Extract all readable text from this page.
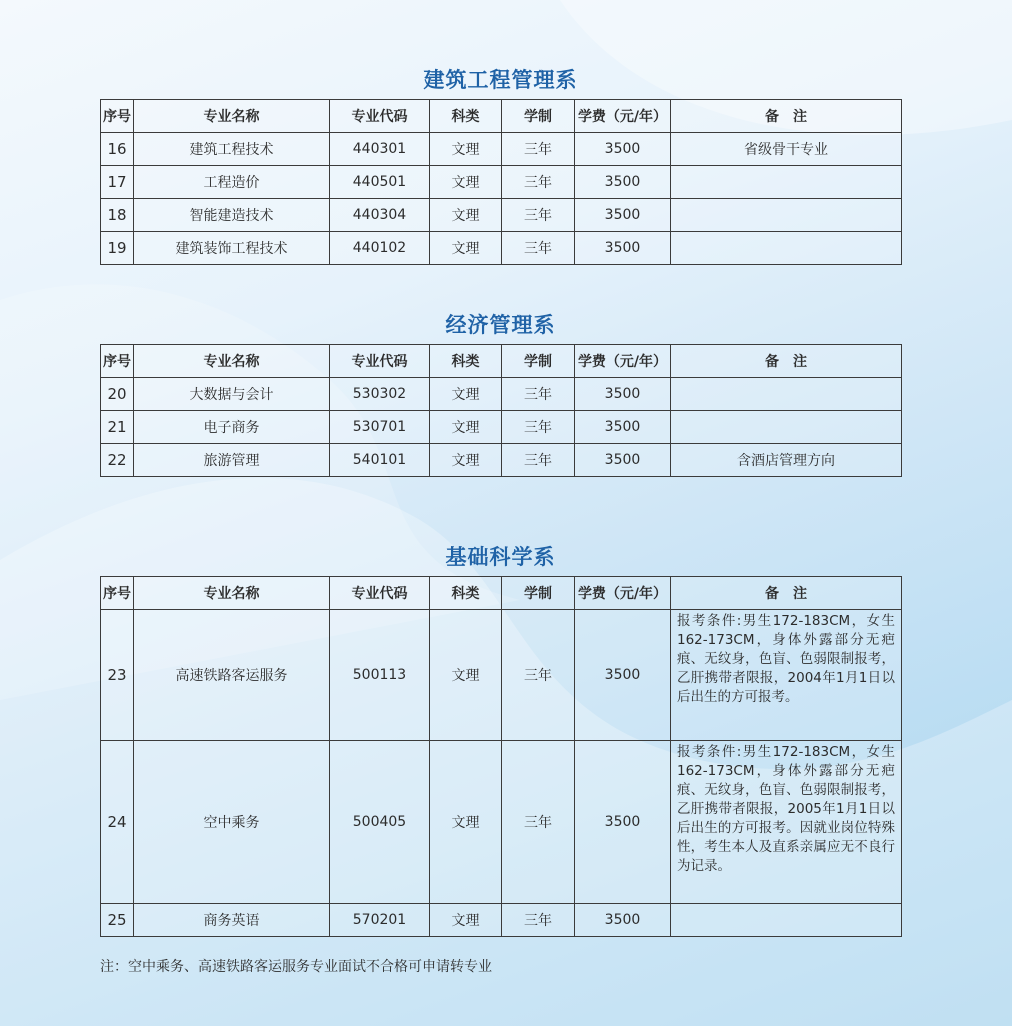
建筑工程管理系
序号	专业名称	专业代码	科类	学制	学费（元/年）	备　注
16	建筑工程技术	440301	文理	三年	3500	省级骨干专业
17	工程造价	440501	文理	三年	3500	
18	智能建造技术	440304	文理	三年	3500	
19	建筑装饰工程技术	440102	文理	三年	3500	
经济管理系
序号	专业名称	专业代码	科类	学制	学费（元/年）	备　注
20	大数据与会计	530302	文理	三年	3500	
21	电子商务	530701	文理	三年	3500	
22	旅游管理	540101	文理	三年	3500	含酒店管理方向
基础科学系
序号	专业名称	专业代码	科类	学制	学费（元/年）	备　注
23	高速铁路客运服务	500113	文理	三年	3500	报考条件:男生172-183CM，女生162-173CM，身体外露部分无疤痕、无纹身，色盲、色弱限制报考，乙肝携带者限报，2004年1月1日以后出生的方可报考。
24	空中乘务	500405	文理	三年	3500	报考条件:男生172-183CM，女生162-173CM，身体外露部分无疤痕、无纹身，色盲、色弱限制报考，乙肝携带者限报，2005年1月1日以后出生的方可报考。因就业岗位特殊性，考生本人及直系亲属应无不良行为记录。
25	商务英语	570201	文理	三年	3500	
注：空中乘务、高速铁路客运服务专业面试不合格可申请转专业
